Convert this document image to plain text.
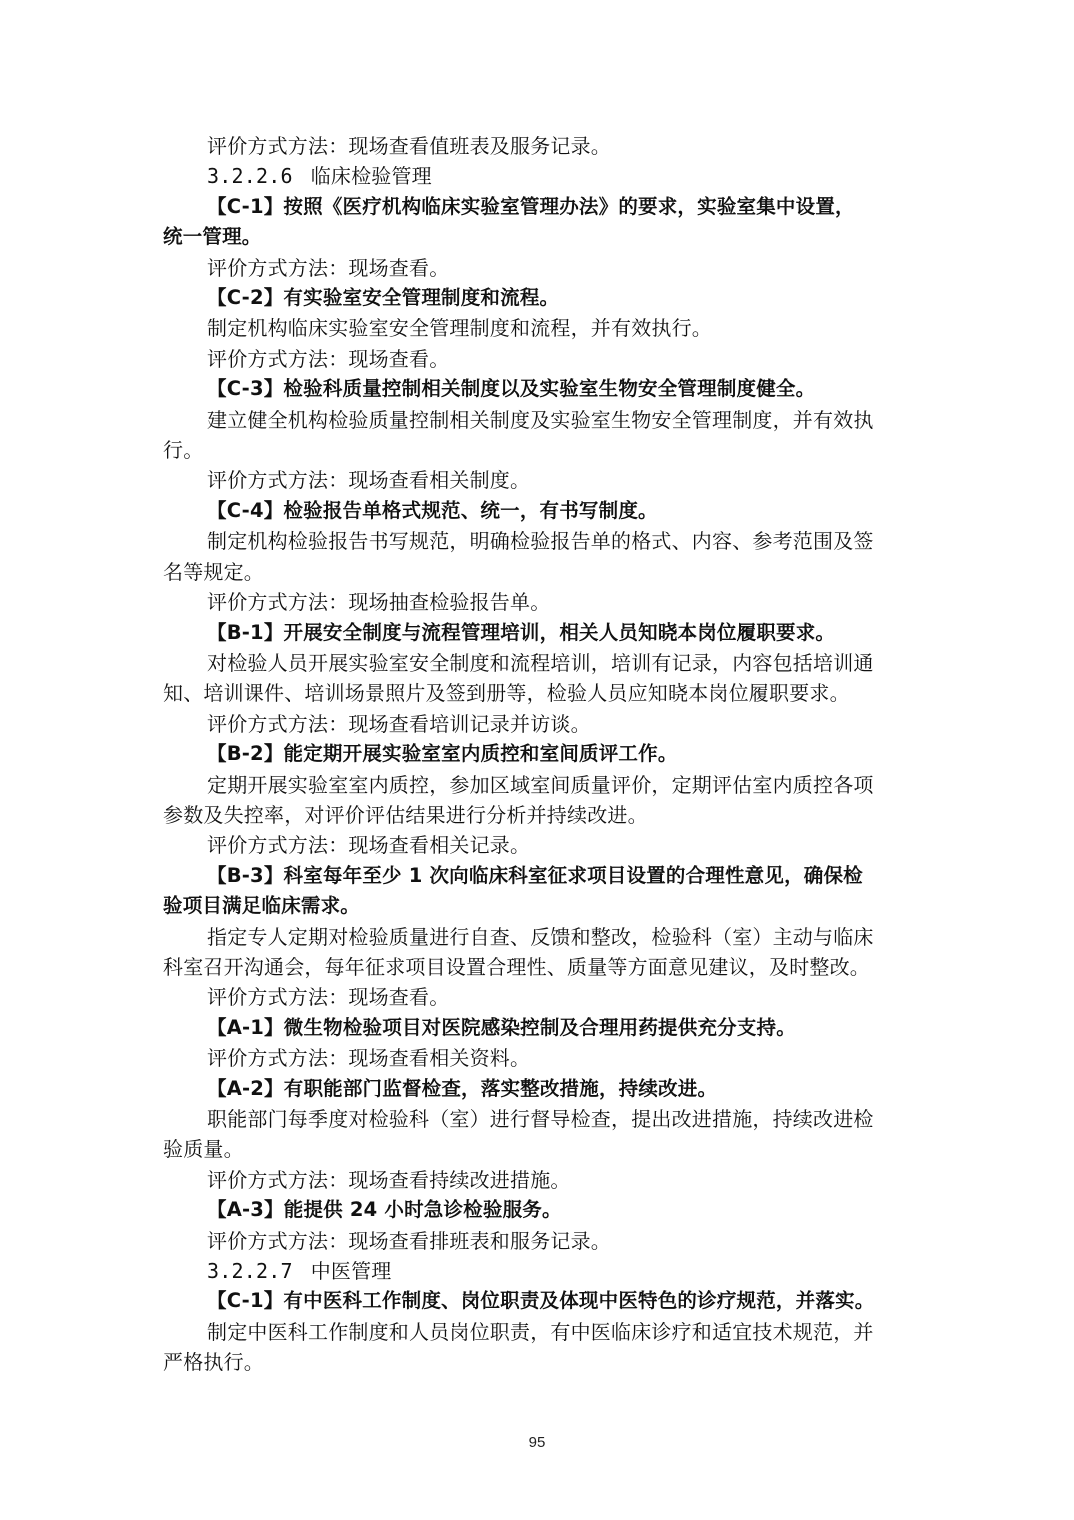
评价方式方法：现场查看值班表及服务记录。

3.2.2.6 临床检验管理

【C-1】按照《医疗机构临床实验室管理办法》的要求，实验室集中设置，

统一管理。

评价方式方法：现场查看。

【C-2】有实验室安全管理制度和流程。

制定机构临床实验室安全管理制度和流程，并有效执行。

评价方式方法：现场查看。

【C-3】检验科质量控制相关制度以及实验室生物安全管理制度健全。

建立健全机构检验质量控制相关制度及实验室生物安全管理制度，并有效执

行。

评价方式方法：现场查看相关制度。

【C-4】检验报告单格式规范、统一，有书写制度。

制定机构检验报告书写规范，明确检验报告单的格式、内容、参考范围及签

名等规定。

评价方式方法：现场抽查检验报告单。

【B-1】开展安全制度与流程管理培训，相关人员知晓本岗位履职要求。

对检验人员开展实验室安全制度和流程培训，培训有记录，内容包括培训通

知、培训课件、培训场景照片及签到册等，检验人员应知晓本岗位履职要求。

评价方式方法：现场查看培训记录并访谈。

【B-2】能定期开展实验室室内质控和室间质评工作。

定期开展实验室室内质控，参加区域室间质量评价，定期评估室内质控各项

参数及失控率，对评价评估结果进行分析并持续改进。

评价方式方法：现场查看相关记录。

【B-3】科室每年至少 1 次向临床科室征求项目设置的合理性意见，确保检

验项目满足临床需求。

指定专人定期对检验质量进行自查、反馈和整改，检验科（室）主动与临床

科室召开沟通会，每年征求项目设置合理性、质量等方面意见建议，及时整改。

评价方式方法：现场查看。

【A-1】微生物检验项目对医院感染控制及合理用药提供充分支持。

评价方式方法：现场查看相关资料。

【A-2】有职能部门监督检查，落实整改措施，持续改进。

职能部门每季度对检验科（室）进行督导检查，提出改进措施，持续改进检

验质量。

评价方式方法：现场查看持续改进措施。

【A-3】能提供 24 小时急诊检验服务。

评价方式方法：现场查看排班表和服务记录。

3.2.2.7 中医管理

【C-1】有中医科工作制度、岗位职责及体现中医特色的诊疗规范，并落实。

制定中医科工作制度和人员岗位职责，有中医临床诊疗和适宜技术规范，并

严格执行。

95
